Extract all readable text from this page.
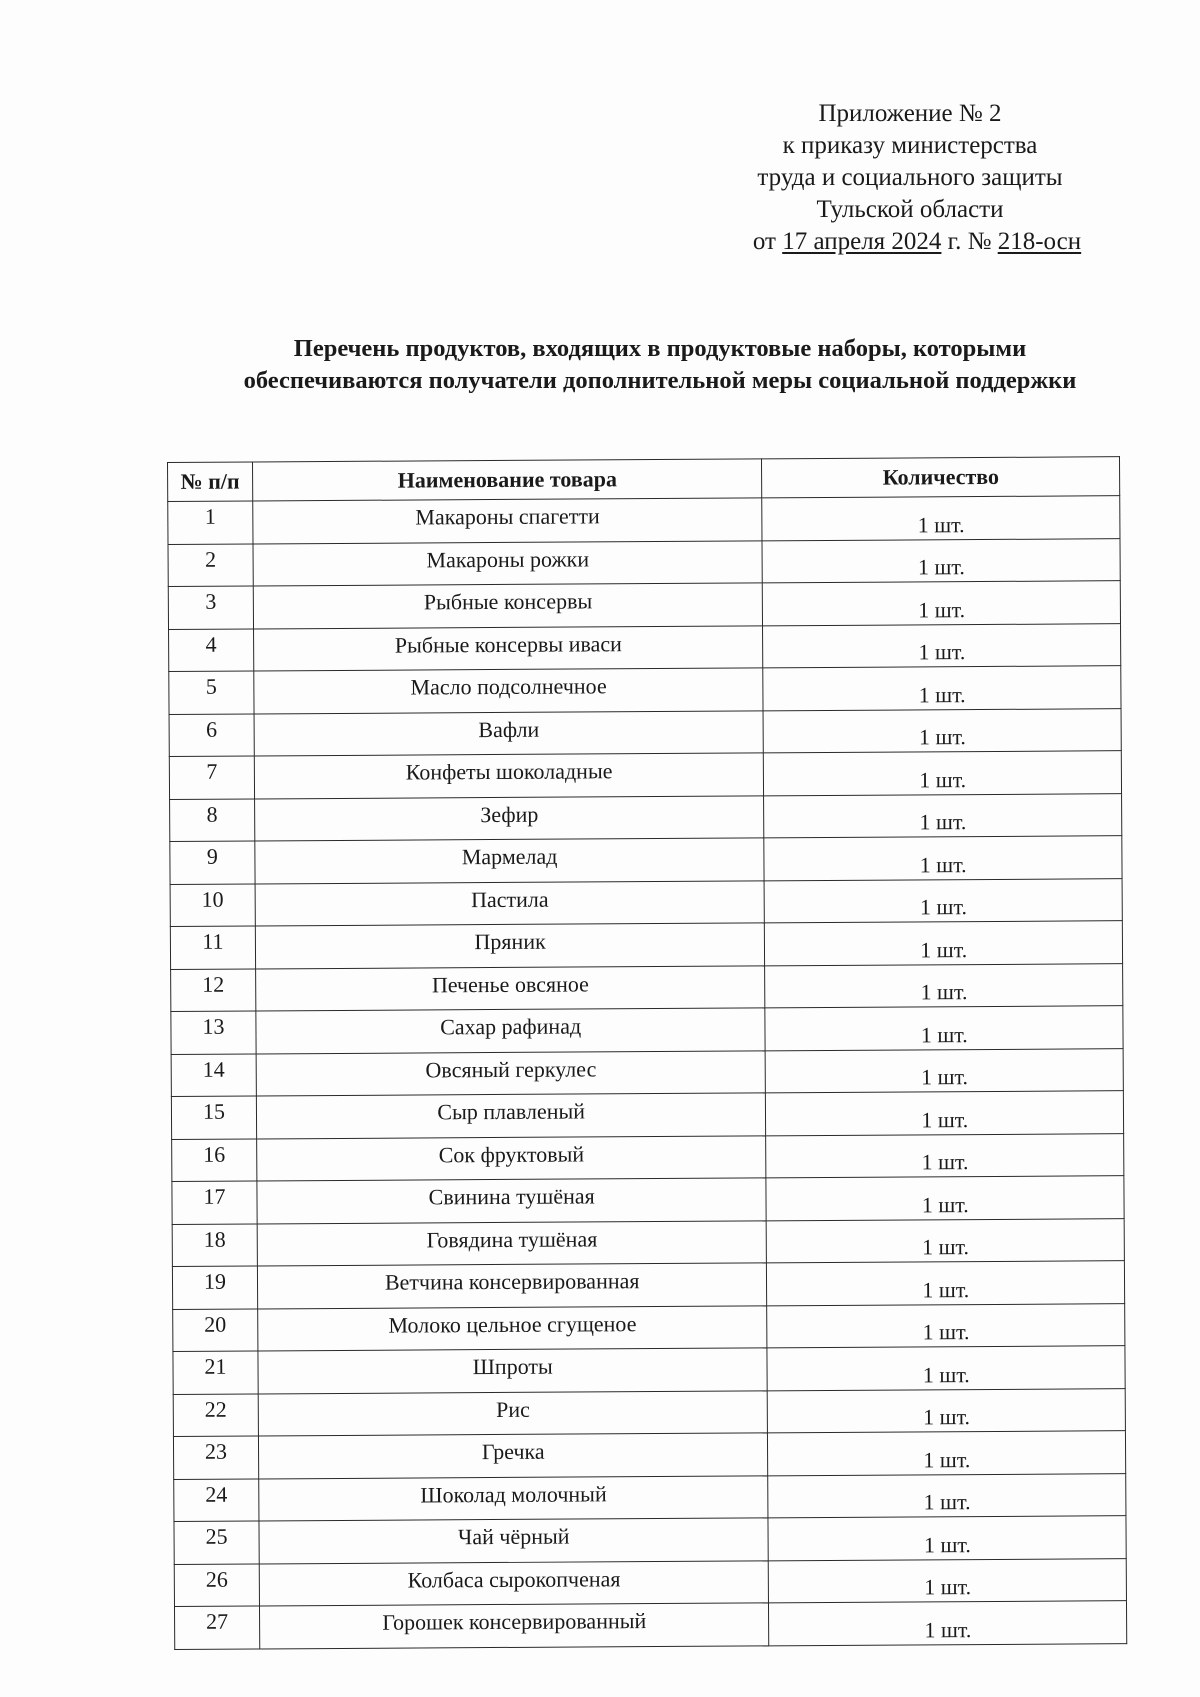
Приложение № 2
к приказу министерства
труда и социального защиты
Тульской области
от 17 апреля 2024 г. № 218-осн
Перечень продуктов, входящих в продуктовые наборы, которыми обеспечиваются получатели дополнительной меры социальной поддержки
№ п/п	Наименование товара	Количество
1	Макароны спагетти	1 шт.
2	Макароны рожки	1 шт.
3	Рыбные консервы	1 шт.
4	Рыбные консервы иваси	1 шт.
5	Масло подсолнечное	1 шт.
6	Вафли	1 шт.
7	Конфеты шоколадные	1 шт.
8	Зефир	1 шт.
9	Мармелад	1 шт.
10	Пастила	1 шт.
11	Пряник	1 шт.
12	Печенье овсяное	1 шт.
13	Сахар рафинад	1 шт.
14	Овсяный геркулес	1 шт.
15	Сыр плавленый	1 шт.
16	Сок фруктовый	1 шт.
17	Свинина тушёная	1 шт.
18	Говядина тушёная	1 шт.
19	Ветчина консервированная	1 шт.
20	Молоко цельное сгущеное	1 шт.
21	Шпроты	1 шт.
22	Рис	1 шт.
23	Гречка	1 шт.
24	Шоколад молочный	1 шт.
25	Чай чёрный	1 шт.
26	Колбаса сырокопченая	1 шт.
27	Горошек консервированный	1 шт.
